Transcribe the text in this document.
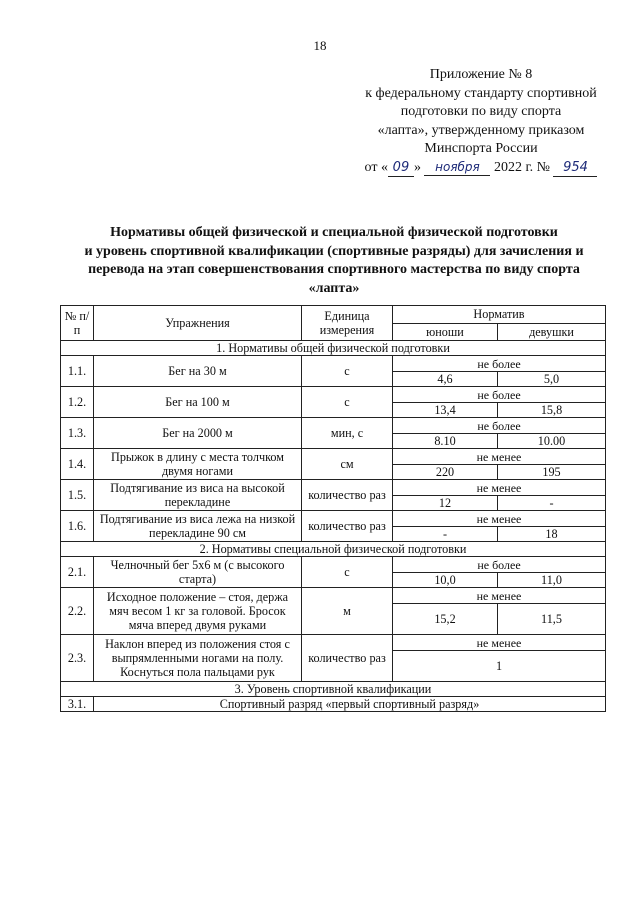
18
Приложение № 8
к федеральному стандарту спортивной
подготовки по виду спорта
«лапта», утвержденному приказом
Минспорта России
от « 09 » ноября 2022 г. № 954
Нормативы общей физической и специальной физической подготовки
и уровень спортивной квалификации (спортивные разряды) для зачисления и
перевода на этап совершенствования спортивного мастерства по виду спорта
«лапта»
№ п/п	Упражнения	Единица измерения	Норматив	
			юноши	девушки
1. Нормативы общей физической подготовки				
1.1.	Бег на 30 м	с	не более	
			4,6	5,0
1.2.	Бег на 100 м	с	не более	
			13,4	15,8
1.3.	Бег на 2000 м	мин, с	не более	
			8.10	10.00
1.4.	Прыжок в длину с места толчком двумя ногами	см	не менее	
			220	195
1.5.	Подтягивание из виса на высокой перекладине	количество раз	не менее	
			12	-
1.6.	Подтягивание из виса лежа на низкой перекладине 90 см	количество раз	не менее	
			-	18
2. Нормативы специальной физической подготовки				
2.1.	Челночный бег 5х6 м (с высокого старта)	с	не более	
			10,0	11,0
2.2.	Исходное положение – стоя, держа мяч весом 1 кг за головой. Бросок мяча вперед двумя руками	м	не менее	
			15,2	11,5
2.3.	Наклон вперед из положения стоя с выпрямленными ногами на полу. Коснуться пола пальцами рук	количество раз	не менее	
			1	
3. Уровень спортивной квалификации				
3.1.	Спортивный разряд «первый спортивный разряд»			
